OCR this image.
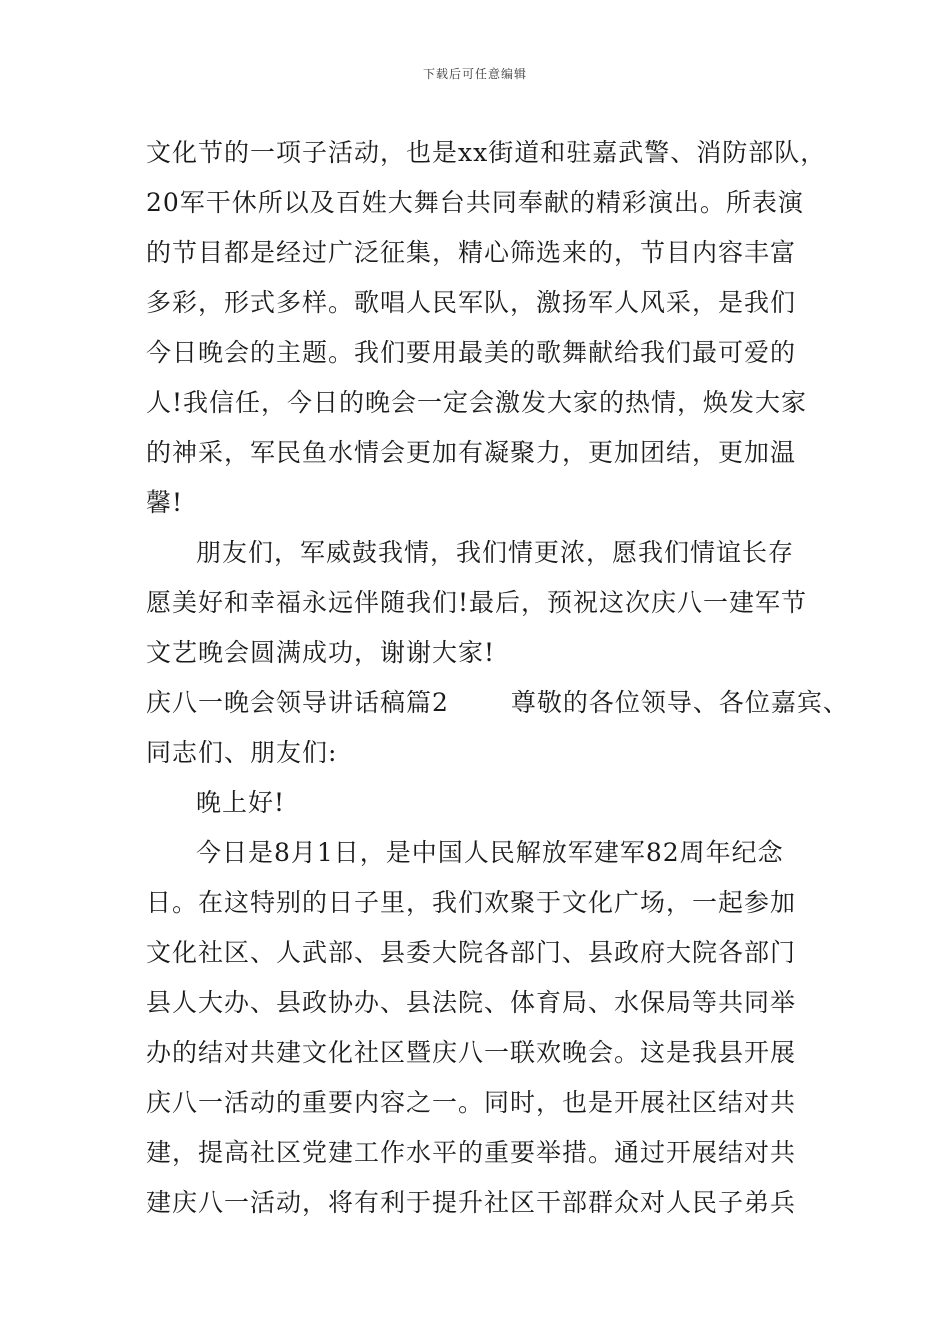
下载后可任意编辑
文化节的一项子活动，也是xx街道和驻嘉武警、消防部队，
20军干休所以及百姓大舞台共同奉献的精彩演出。所表演
的节目都是经过广泛征集，精心筛选来的，节目内容丰富
多彩，形式多样。歌唱人民军队，激扬军人风采，是我们
今日晚会的主题。我们要用最美的歌舞献给我们最可爱的
人!我信任，今日的晚会一定会激发大家的热情，焕发大家
的神采，军民鱼水情会更加有凝聚力，更加团结，更加温
馨!
朋友们，军威鼓我情，我们情更浓，愿我们情谊长存
愿美好和幸福永远伴随我们!最后，预祝这次庆八一建军节
文艺晚会圆满成功，谢谢大家!
庆八一晚会领导讲话稿篇2 尊敬的各位领导、各位嘉宾、
同志们、朋友们:
晚上好!
今日是8月1日，是中国人民解放军建军82周年纪念
日。在这特别的日子里，我们欢聚于文化广场，一起参加
文化社区、人武部、县委大院各部门、县政府大院各部门
县人大办、县政协办、县法院、体育局、水保局等共同举
办的结对共建文化社区暨庆八一联欢晚会。这是我县开展
庆八一活动的重要内容之一。同时，也是开展社区结对共
建，提高社区党建工作水平的重要举措。通过开展结对共
建庆八一活动，将有利于提升社区干部群众对人民子弟兵
